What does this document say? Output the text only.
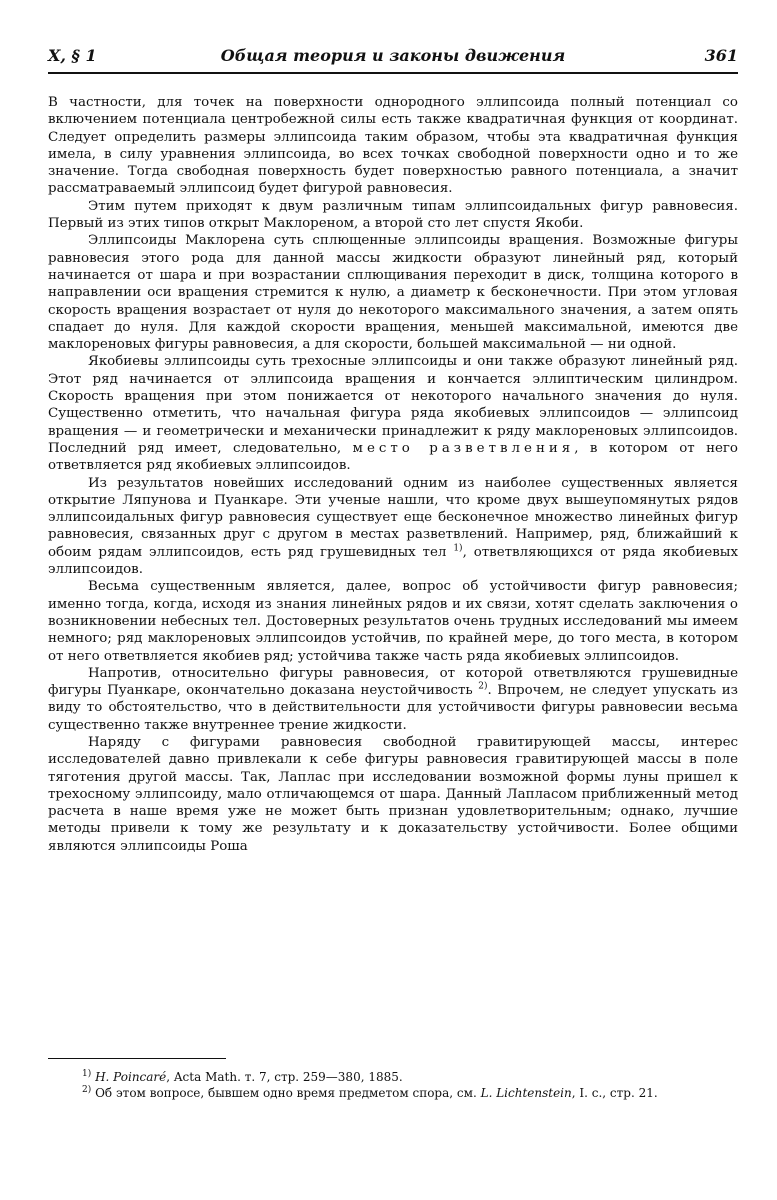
X, § 1	Общая теория и законы движения	361

В частности, для точек на поверхности однородного эллипсоида полный потенциал со включением потенциала центробежной силы есть также квадратичная функция от координат. Следует определить размеры эллипсоида таким образом, чтобы эта квадратичная функция имела, в силу уравнения эллипсоида, во всех точках свободной поверхности одно и то же значение. Тогда свободная поверхность будет поверхностью равного потенциала, а значит рассматраваемый эллипсоид будет фигурой равновесия.

Этим путем приходят к двум различным типам эллипсоидальных фигур равновесия. Первый из этих типов открыт Маклореном, а второй сто лет спустя Якоби.

Эллипсоиды Маклорена суть сплющенные эллипсоиды вращения. Возможные фигуры равновесия этого рода для данной массы жидкости образуют линейный ряд, который начинается от шара и при возрастании сплющивания переходит в диск, толщина которого в направлении оси вращения стремится к нулю, а диаметр к бесконечности. При этом угловая скорость вращения возрастает от нуля до некоторого максимального значения, а затем опять спадает до нуля. Для каждой скорости вращения, меньшей максимальной, имеются две маклореновых фигуры равновесия, а для скорости, большей максимальной — ни одной.

Якобиевы эллипсоиды суть трехосные эллипсоиды и они также образуют линейный ряд. Этот ряд начинается от эллипсоида вращения и кончается эллиптическим цилиндром. Скорость вращения при этом понижается от некоторого начального значения до нуля. Существенно отметить, что начальная фигура ряда якобиевых эллипсоидов — эллипсоид вращения — и геометрически и механически принадлежит к ряду маклореновых эллипсоидов. Последний ряд имеет, следовательно, место разветвления, в котором от него ответвляется ряд якобиевых эллипсоидов.

Из результатов новейших исследований одним из наиболее существенных является открытие Ляпунова и Пуанкаре. Эти ученые нашли, что кроме двух вышеупомянутых рядов эллипсоидальных фигур равновесия существует еще бесконечное множество линейных фигур равновесия, связанных друг с другом в местах разветвлений. Например, ряд, ближайший к обоим рядам эллипсоидов, есть ряд грушевидных тел $^{1)}$, ответвляющихся от ряда якобиевых эллипсоидов.

Весьма существенным является, далее, вопрос об устойчивости фигур равновесия; именно тогда, когда, исходя из знания линейных рядов и их связи, хотят сделать заключения о возникновении небесных тел. Достоверных результатов очень трудных исследований мы имеем немного; ряд маклореновых эллипсоидов устойчив, по крайней мере, до того места, в котором от него ответвляется якобиев ряд; устойчива также часть ряда якобиевых эллипсоидов.

Напротив, относительно фигуры равновесия, от которой ответвляются грушевидные фигуры Пуанкаре, окончательно доказана неустойчивость $^{2)}$. Впрочем, не следует упускать из виду то обстоятельство, что в действительности для устойчивости фигуры равновесии весьма существенно также внутреннее трение жидкости.

Наряду с фигурами равновесия свободной гравитирующей массы, интерес исследователей давно привлекали к себе фигуры равновесия гравитирующей массы в поле тяготения другой массы. Так, Лаплас при исследовании возможной формы луны пришел к трехосному эллипсоиду, мало отличающемся от шара. Данный Лапласом приближенный метод расчета в наше время уже не может быть признан удовлетворительным; однако, лучшие методы привели к тому же результату и к доказательству устойчивости. Более общими являются эллипсоиды Роша

$^{1)}$ H. Poincaré, Acta Math. т. 7, стр. 259—380, 1885.

$^{2)}$ Об этом вопросе, бывшем одно время предметом спора, см. L. Lichtenstein, I. c., стр. 21.
